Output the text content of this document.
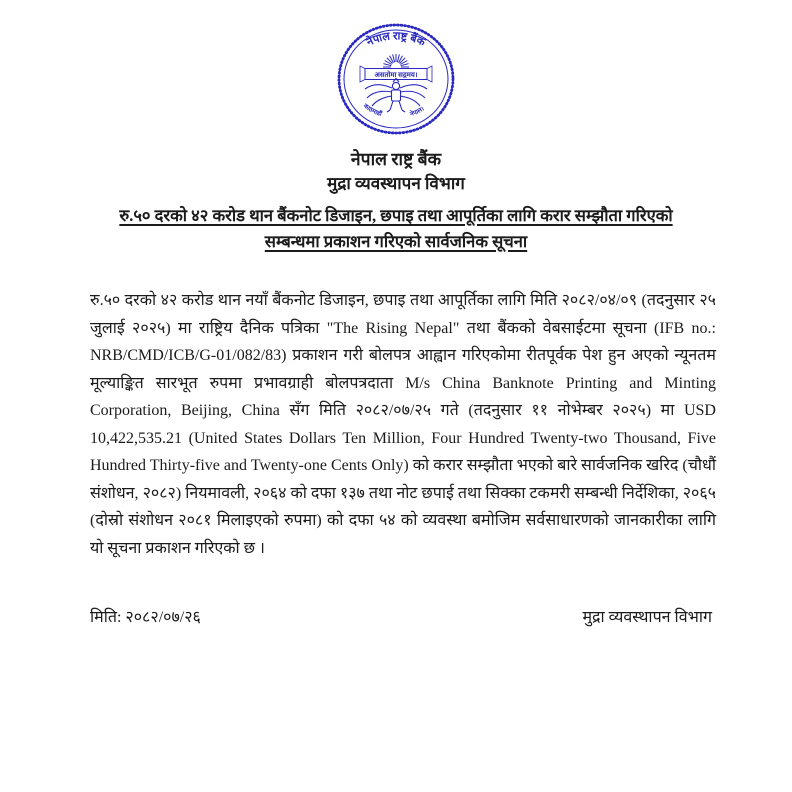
नेपाल राष्ट्र बैंक
असतोमा सद्गमय।
काठमाडौं	नेपाल।
नेपाल राष्ट्र बैंक
मुद्रा व्यवस्थापन विभाग
रु.५० दरको ४२ करोड थान बैंकनोट डिजाइन, छपाइ तथा आपूर्तिका लागि करार सम्झौता गरिएको
सम्बन्धमा प्रकाशन गरिएको सार्वजनिक सूचना
रु.५० दरको ४२ करोड थान नयाँ बैंकनोट डिजाइन, छपाइ तथा आपूर्तिका लागि मिति २०८२/०४/०९ (तदनुसार २५ जुलाई २०२५) मा राष्ट्रिय दैनिक पत्रिका "The Rising Nepal" तथा बैंकको वेबसाईटमा सूचना (IFB no.: NRB/CMD/ICB/G-01/082/83) प्रकाशन गरी बोलपत्र आह्वान गरिएकोमा रीतपूर्वक पेश हुन अएको न्यूनतम मूल्याङ्कित सारभूत रुपमा प्रभावग्राही बोलपत्रदाता M/s China Banknote Printing and Minting Corporation, Beijing, China सँग मिति २०८२/०७/२५ गते (तदनुसार ११ नोभेम्बर २०२५) मा USD 10,422,535.21 (United States Dollars Ten Million, Four Hundred Twenty-two Thousand, Five Hundred Thirty-five and Twenty-one Cents Only) को करार सम्झौता भएको बारे सार्वजनिक खरिद (चौधौं संशोधन, २०८२) नियमावली, २०६४ को दफा १३७ तथा नोट छपाई तथा सिक्का टकमरी सम्बन्धी निर्देशिका, २०६५ (दोस्रो संशोधन २०८१ मिलाइएको रुपमा) को दफा ५४ को व्यवस्था बमोजिम सर्वसाधारणको जानकारीका लागि यो सूचना प्रकाशन गरिएको छ ।
मिति: २०८२/०७/२६	मुद्रा व्यवस्थापन विभाग
